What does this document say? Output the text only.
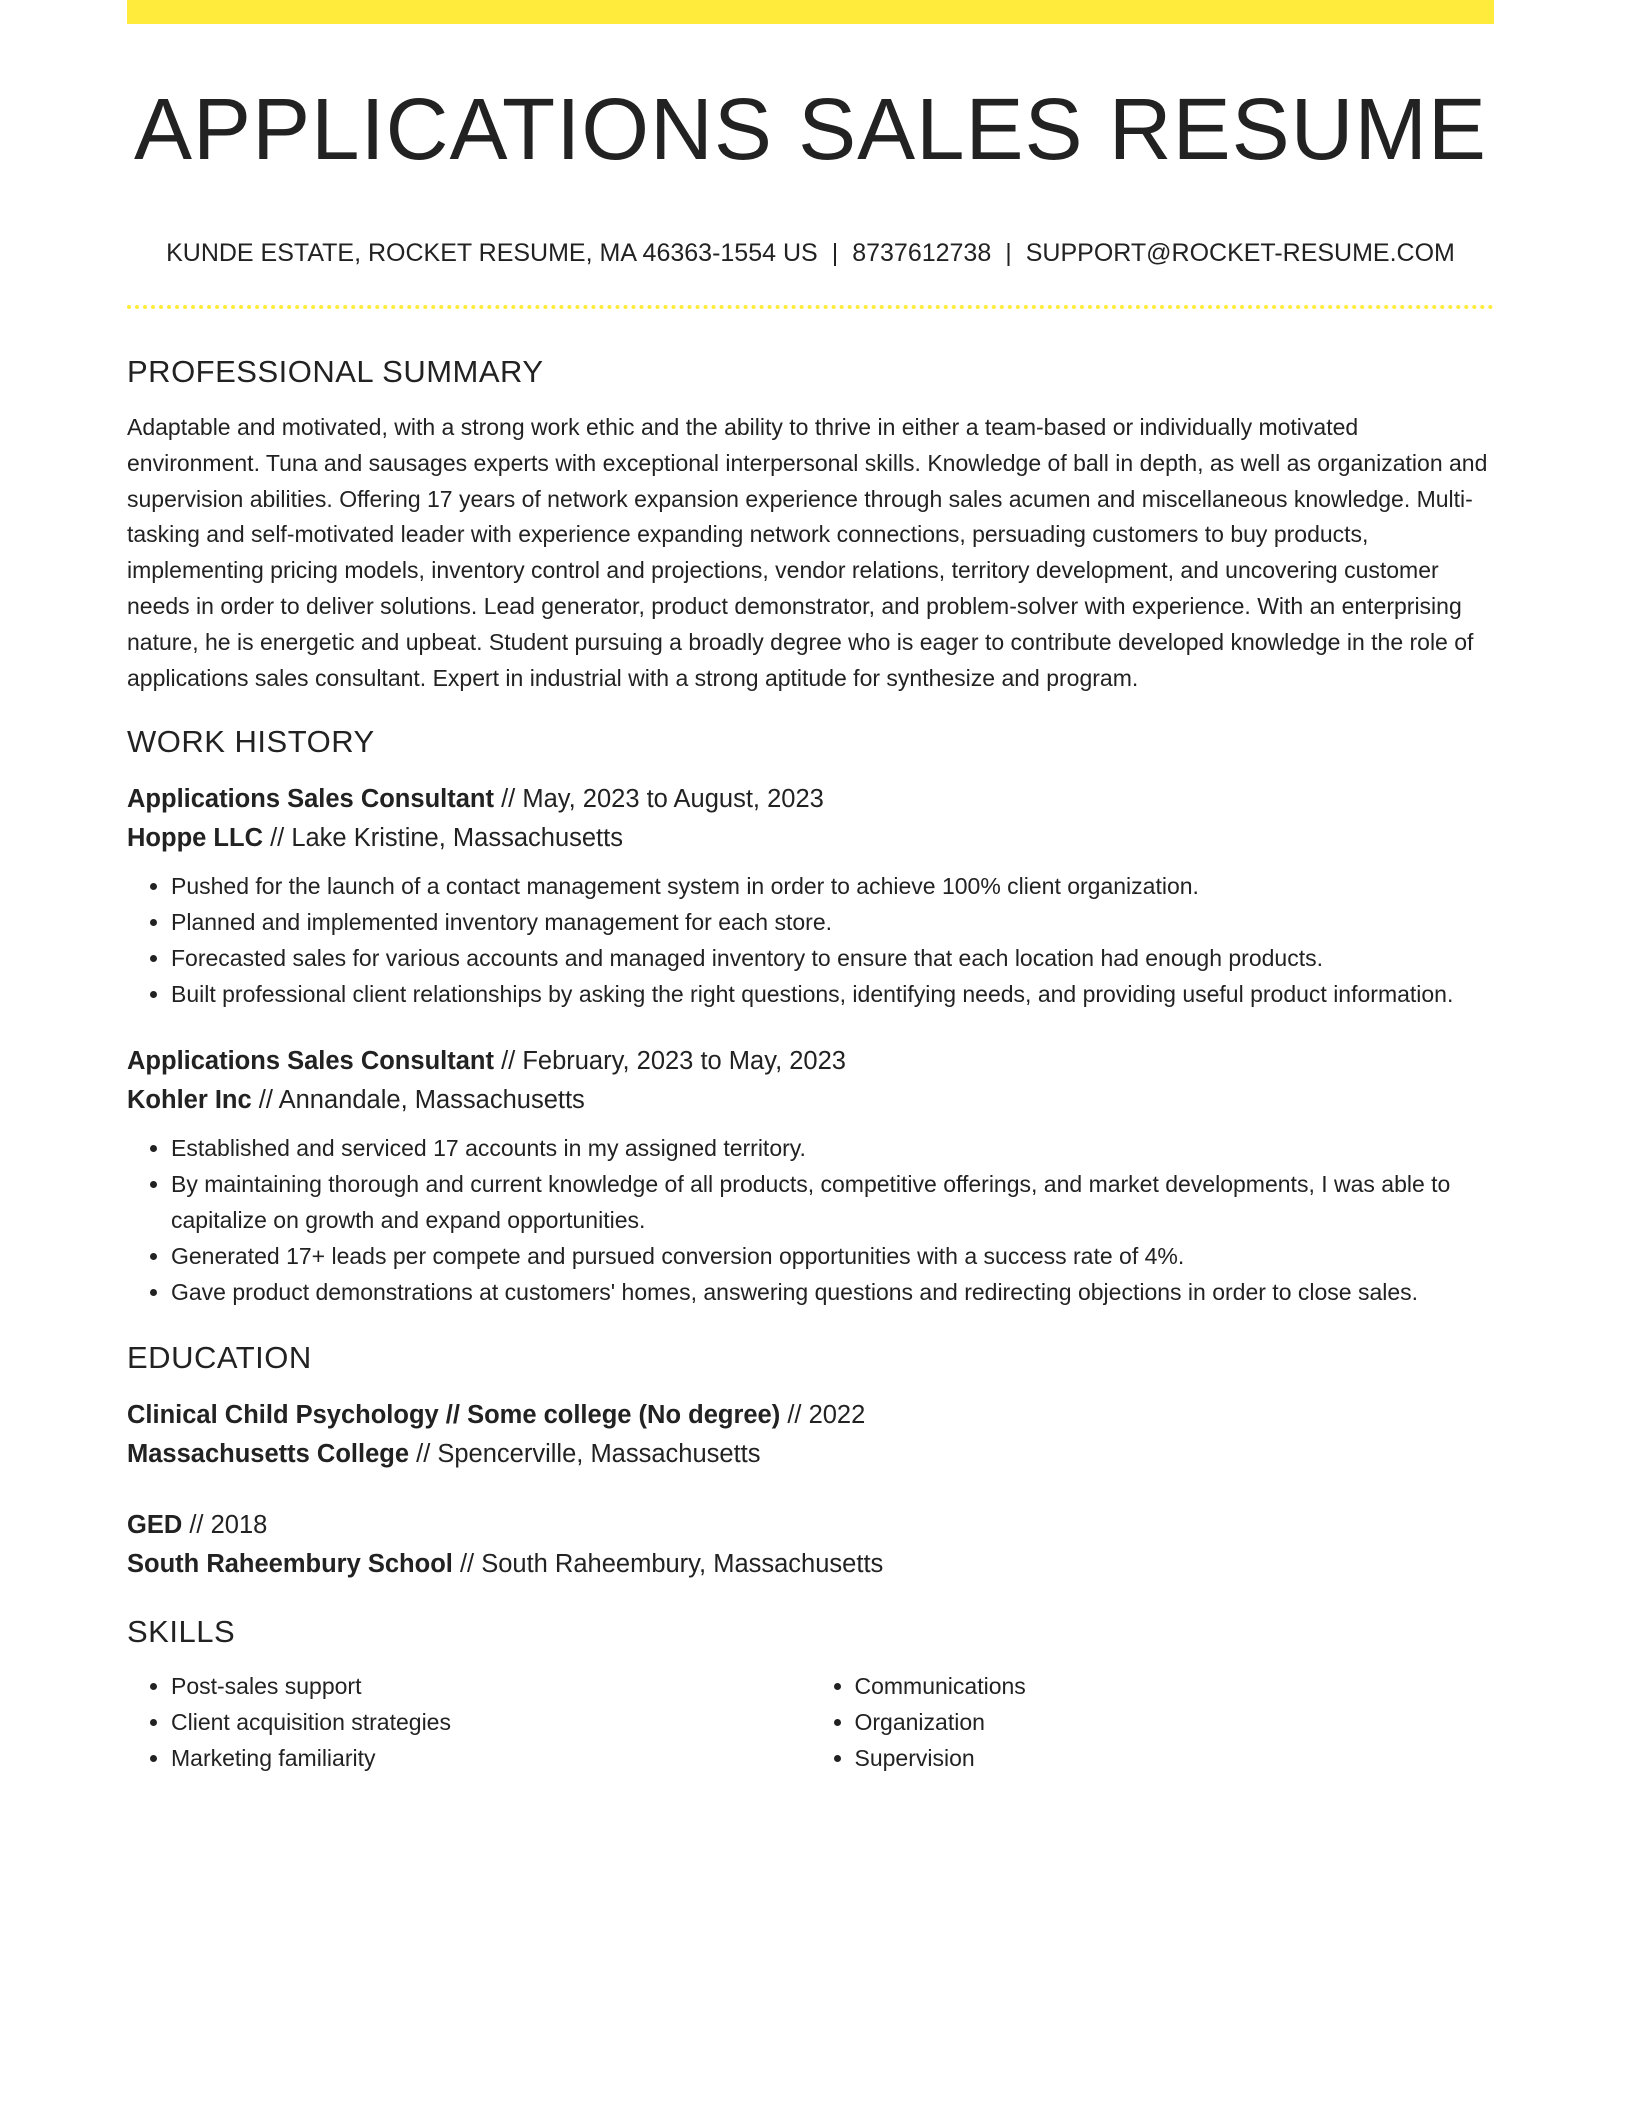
APPLICATIONS SALES RESUME
KUNDE ESTATE, ROCKET RESUME, MA 46363-1554 US | 8737612738 | SUPPORT@ROCKET-RESUME.COM
PROFESSIONAL SUMMARY

Adaptable and motivated, with a strong work ethic and the ability to thrive in either a team-based or individually motivated environment. Tuna and sausages experts with exceptional interpersonal skills. Knowledge of ball in depth, as well as organization and supervision abilities. Offering 17 years of network expansion experience through sales acumen and miscellaneous knowledge. Multi-tasking and self-motivated leader with experience expanding network connections, persuading customers to buy products, implementing pricing models, inventory control and projections, vendor relations, territory development, and uncovering customer needs in order to deliver solutions. Lead generator, product demonstrator, and problem-solver with experience. With an enterprising nature, he is energetic and upbeat. Student pursuing a broadly degree who is eager to contribute developed knowledge in the role of applications sales consultant. Expert in industrial with a strong aptitude for synthesize and program.

WORK HISTORY

Applications Sales Consultant // May, 2023 to August, 2023

Hoppe LLC // Lake Kristine, Massachusetts

• Pushed for the launch of a contact management system in order to achieve 100% client organization.
• Planned and implemented inventory management for each store.
• Forecasted sales for various accounts and managed inventory to ensure that each location had enough products.
• Built professional client relationships by asking the right questions, identifying needs, and providing useful product information.

Applications Sales Consultant // February, 2023 to May, 2023

Kohler Inc // Annandale, Massachusetts

• Established and serviced 17 accounts in my assigned territory.
• By maintaining thorough and current knowledge of all products, competitive offerings, and market developments, I was able to capitalize on growth and expand opportunities.
• Generated 17+ leads per compete and pursued conversion opportunities with a success rate of 4%.
• Gave product demonstrations at customers' homes, answering questions and redirecting objections in order to close sales.
EDUCATION

Clinical Child Psychology // Some college (No degree) // 2022

Massachusetts College // Spencerville, Massachusetts

GED // 2018

South Raheembury School // South Raheembury, Massachusetts

SKILLS
• Post-sales support
• Client acquisition strategies
• Marketing familiarity
• Communications
• Organization
• Supervision
